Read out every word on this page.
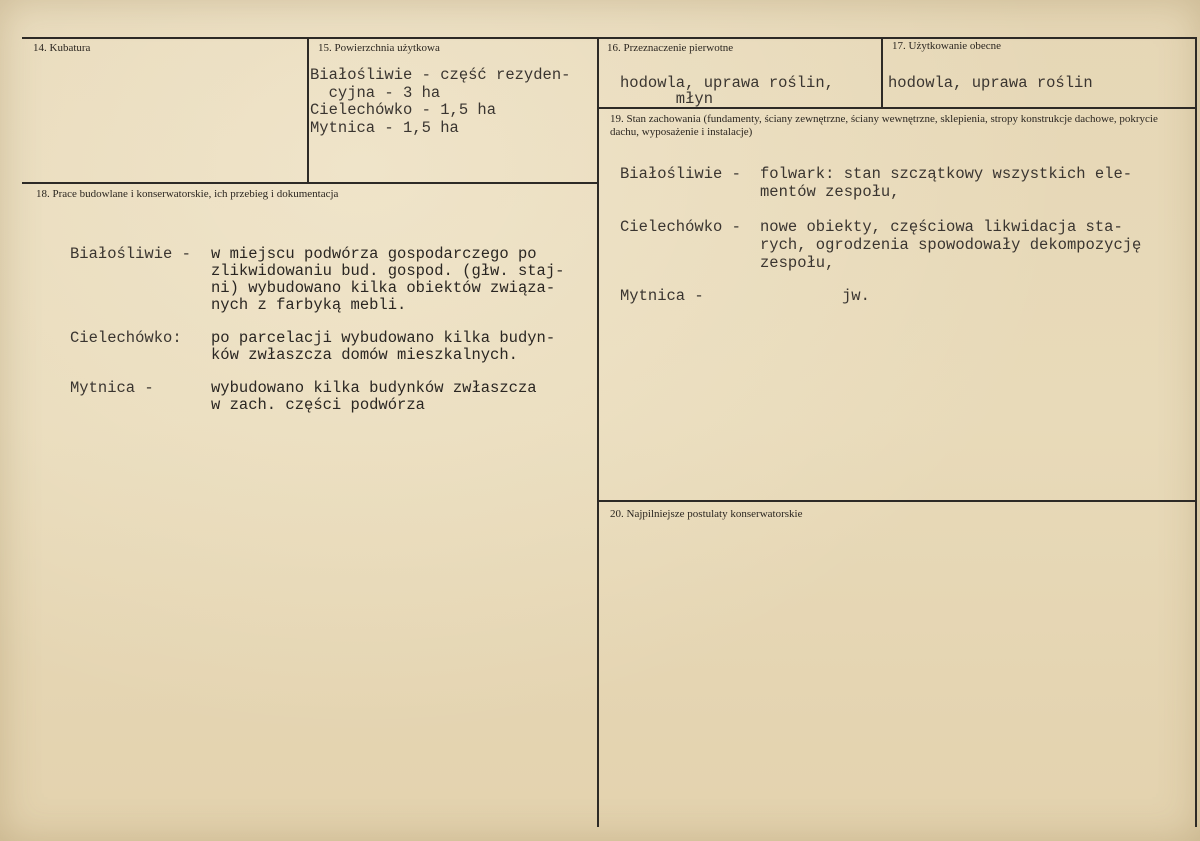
14. Kubatura	15. Powierzchnia użytkowa
Białośliwie - część rezyden-
cyjna - 3 ha
Cielechówko - 1,5 ha
Mytnica - 1,5 ha
16. Przeznaczenie pierwotne
hodowla, uprawa roślin,
młyn
17. Użytkowanie obecne
hodowla, uprawa roślin
19. Stan zachowania (fundamenty, ściany zewnętrzne, ściany wewnętrzne, sklepienia, stropy konstrukcje dachowe, pokrycie dachu, wyposażenie i instalacje)
Białośliwie - folwark: stan szczątkowy wszystkich ele-
mentów zespołu,
Cielechówko - nowe obiekty, częściowa likwidacja sta-
rych, ogrodzenia spowodowały dekompozycję
zespołu,
Mytnica -	jw.
18. Prace budowlane i konserwatorskie, ich przebieg i dokumentacja
Białośliwie - w miejscu podwórza gospodarczego po
zlikwidowaniu bud. gospod. (głw. staj-
ni) wybudowano kilka obiektów związa-
nych z farbyką mebli.
Cielechówko: po parcelacji wybudowano kilka budyn-
ków zwłaszcza domów mieszkalnych.
Mytnica -	wybudowano kilka budynków zwłaszcza
w zach. części podwórza
20. Najpilniejsze postulaty konserwatorskie
